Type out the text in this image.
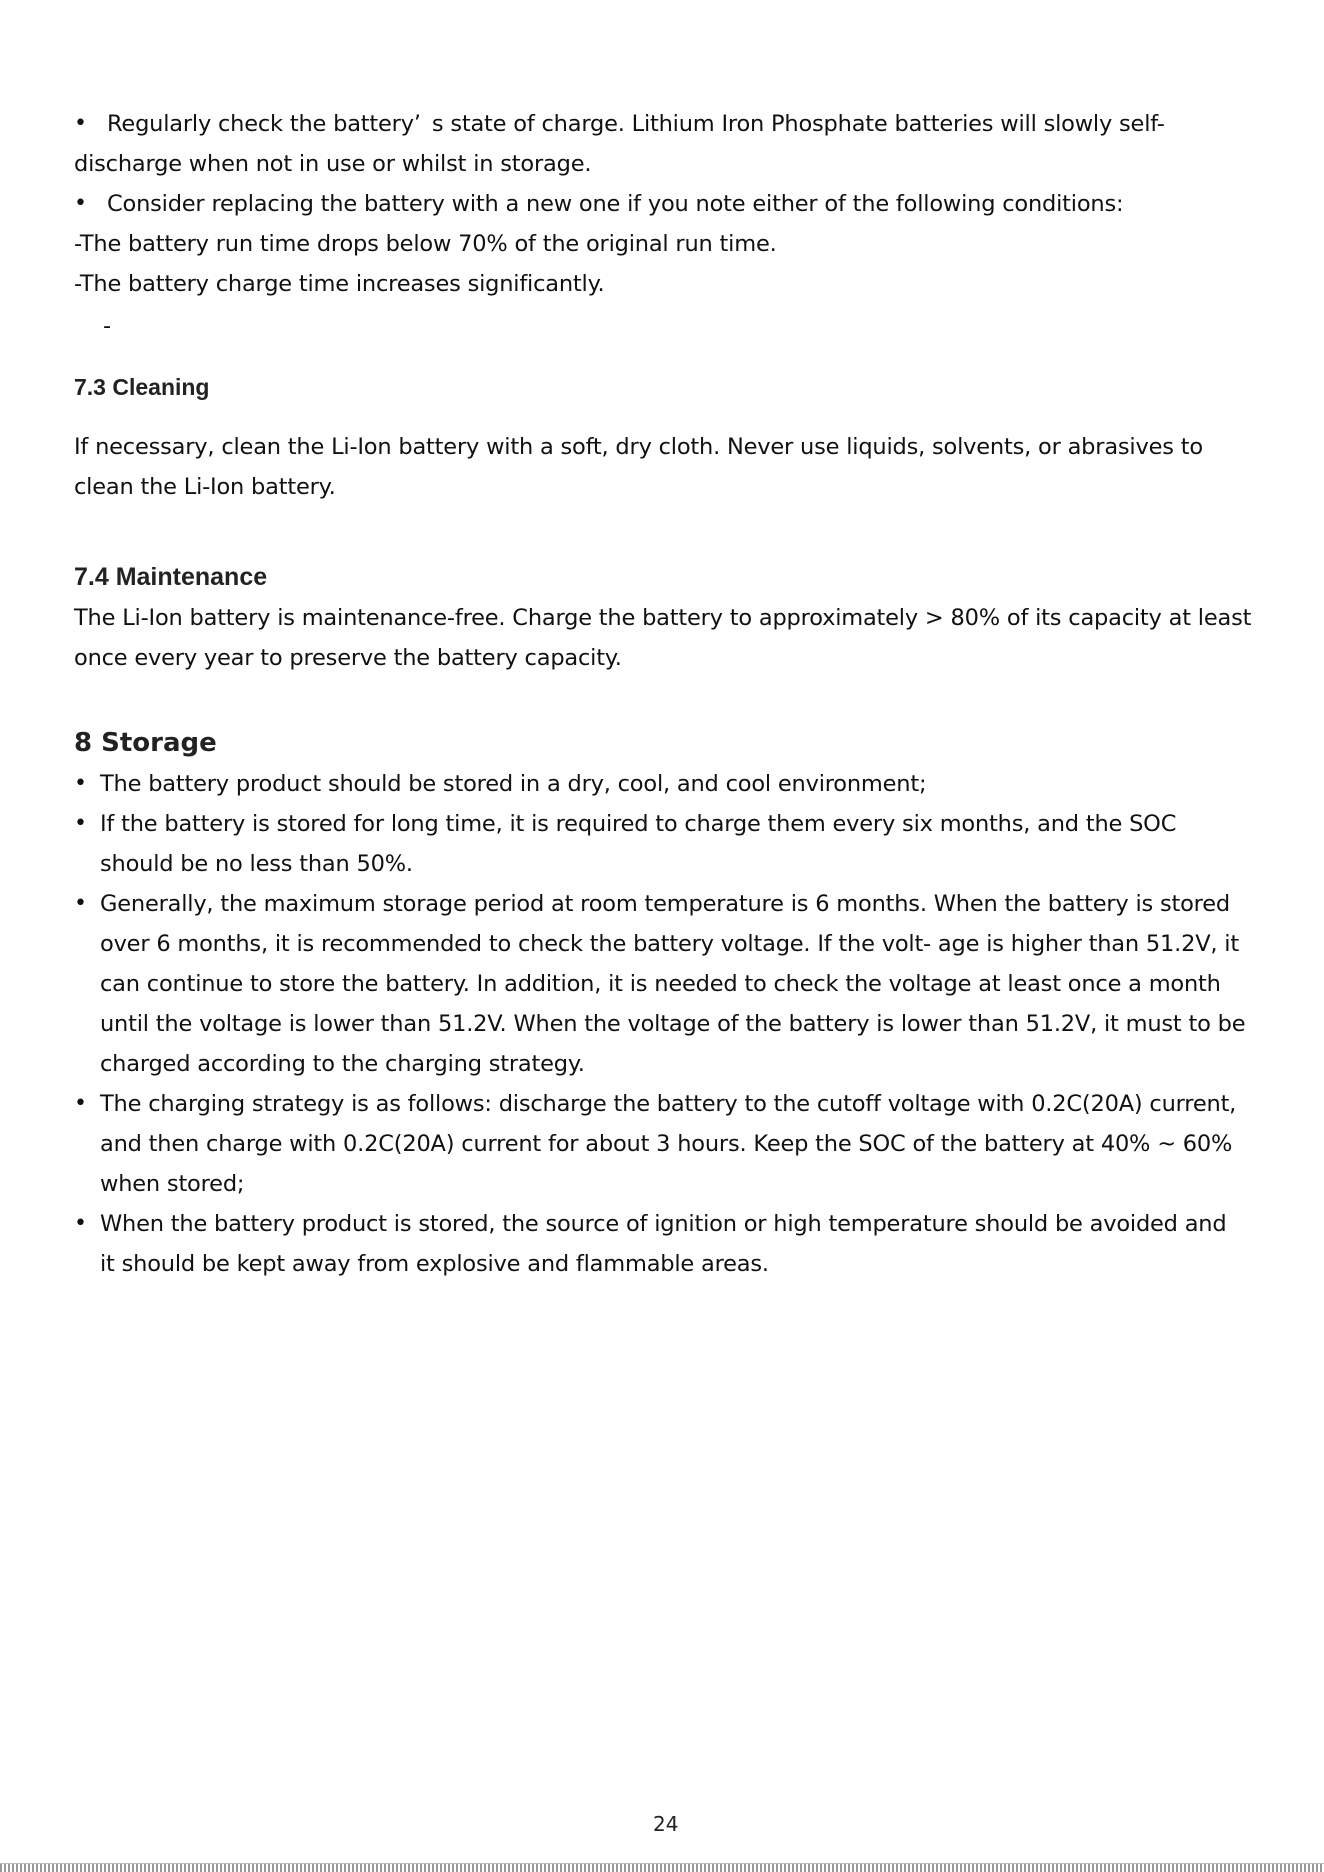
• Regularly check the battery’ s state of charge. Lithium Iron Phosphate batteries will slowly self-
discharge when not in use or whilst in storage.
• Consider replacing the battery with a new one if you note either of the following conditions:
-The battery run time drops below 70% of the original run time.
-The battery charge time increases significantly.
-
7.3 Cleaning
If necessary, clean the Li-Ion battery with a soft, dry cloth. Never use liquids, solvents, or abrasives to
clean the Li-Ion battery.
7.4 Maintenance
The Li-Ion battery is maintenance-free. Charge the battery to approximately > 80% of its capacity at least
once every year to preserve the battery capacity.
8 Storage
• The battery product should be stored in a dry, cool, and cool environment;
• If the battery is stored for long time, it is required to charge them every six months, and the SOC
should be no less than 50%.
• Generally, the maximum storage period at room temperature is 6 months. When the battery is stored
over 6 months, it is recommended to check the battery voltage. If the volt- age is higher than 51.2V, it
can continue to store the battery. In addition, it is needed to check the voltage at least once a month
until the voltage is lower than 51.2V. When the voltage of the battery is lower than 51.2V, it must to be
charged according to the charging strategy.
• The charging strategy is as follows: discharge the battery to the cutoff voltage with 0.2C(20A) current,
and then charge with 0.2C(20A) current for about 3 hours. Keep the SOC of the battery at 40% ~ 60%
when stored;
• When the battery product is stored, the source of ignition or high temperature should be avoided and
it should be kept away from explosive and flammable areas.
24
